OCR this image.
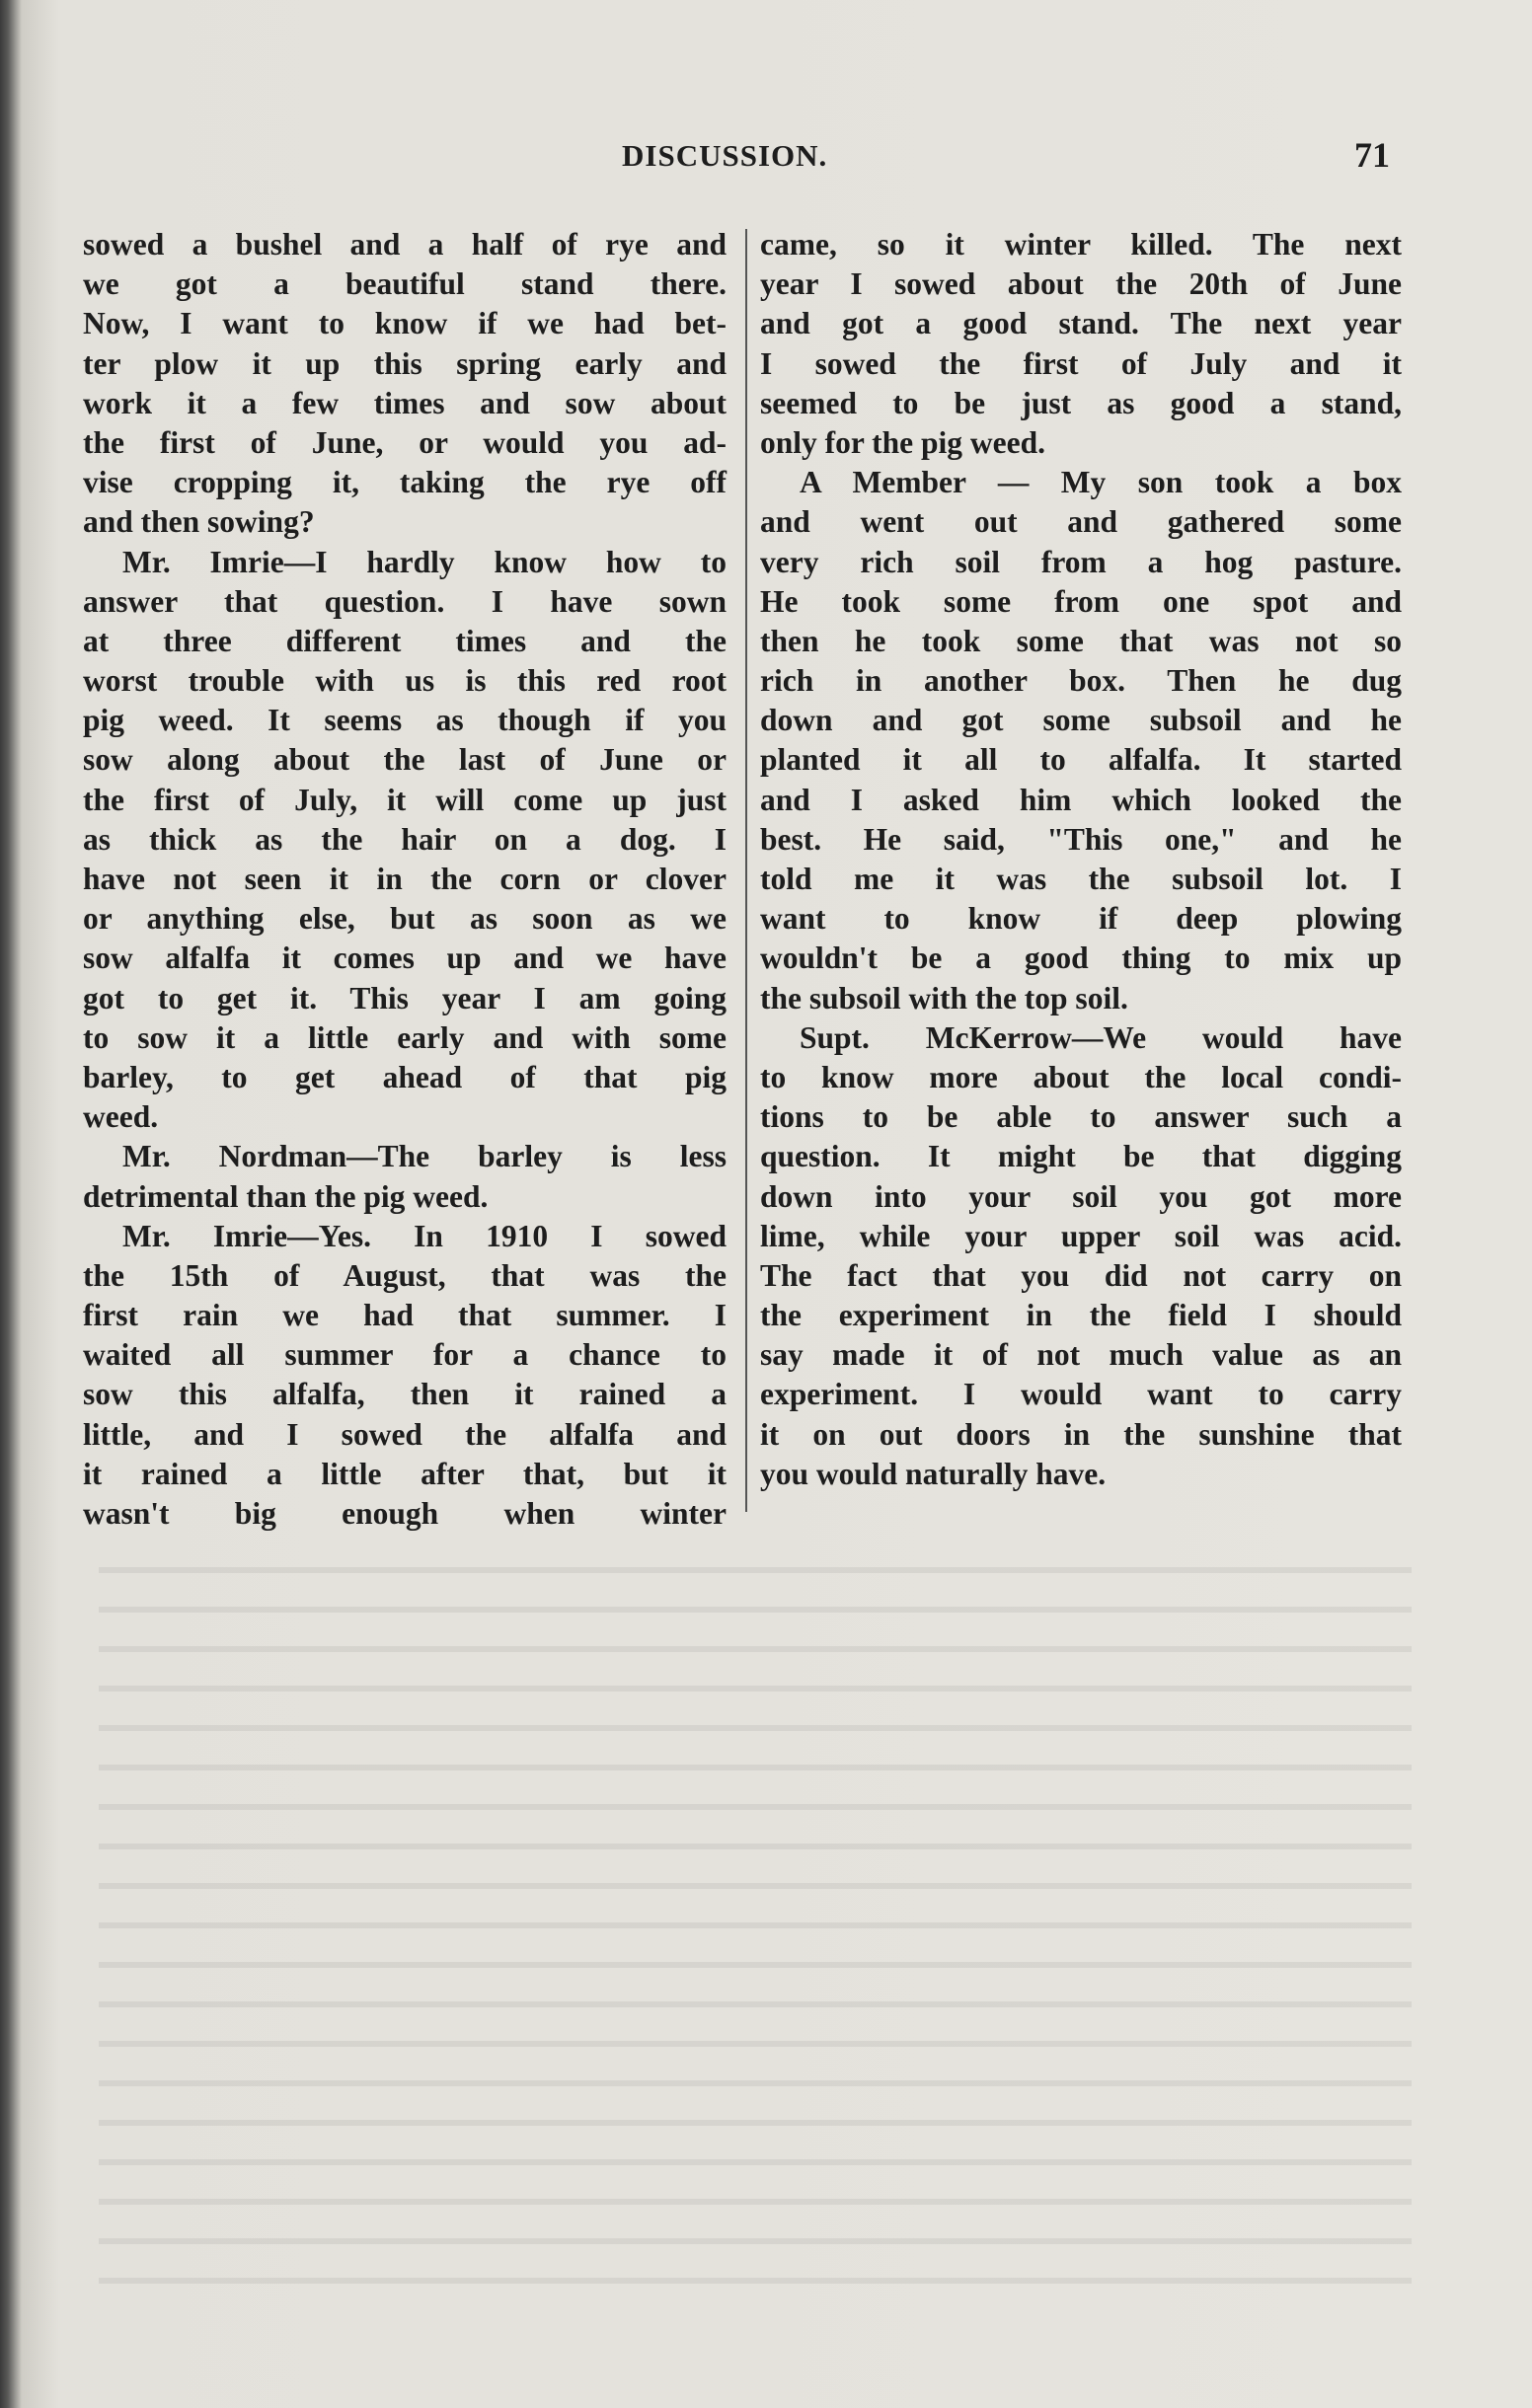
DISCUSSION.	71
sowed a bushel and a half of rye and
we got a beautiful stand there.
Now, I want to know if we had bet-
ter plow it up this spring early and
work it a few times and sow about
the first of June, or would you ad-
vise cropping it, taking the rye off
and then sowing?
Mr. Imrie—I hardly know how to
answer that question. I have sown
at three different times and the
worst trouble with us is this red root
pig weed. It seems as though if you
sow along about the last of June or
the first of July, it will come up just
as thick as the hair on a dog. I
have not seen it in the corn or clover
or anything else, but as soon as we
sow alfalfa it comes up and we have
got to get it. This year I am going
to sow it a little early and with some
barley, to get ahead of that pig
weed.
Mr. Nordman—The barley is less
detrimental than the pig weed.
Mr. Imrie—Yes. In 1910 I sowed
the 15th of August, that was the
first rain we had that summer. I
waited all summer for a chance to
sow this alfalfa, then it rained a
little, and I sowed the alfalfa and
it rained a little after that, but it
wasn't big enough when winter
came, so it winter killed. The next
year I sowed about the 20th of June
and got a good stand. The next year
I sowed the first of July and it
seemed to be just as good a stand,
only for the pig weed.
A Member — My son took a box
and went out and gathered some
very rich soil from a hog pasture.
He took some from one spot and
then he took some that was not so
rich in another box. Then he dug
down and got some subsoil and he
planted it all to alfalfa. It started
and I asked him which looked the
best. He said, "This one," and he
told me it was the subsoil lot. I
want to know if deep plowing
wouldn't be a good thing to mix up
the subsoil with the top soil.
Supt. McKerrow—We would have
to know more about the local condi-
tions to be able to answer such a
question. It might be that digging
down into your soil you got more
lime, while your upper soil was acid.
The fact that you did not carry on
the experiment in the field I should
say made it of not much value as an
experiment. I would want to carry
it on out doors in the sunshine that
you would naturally have.
